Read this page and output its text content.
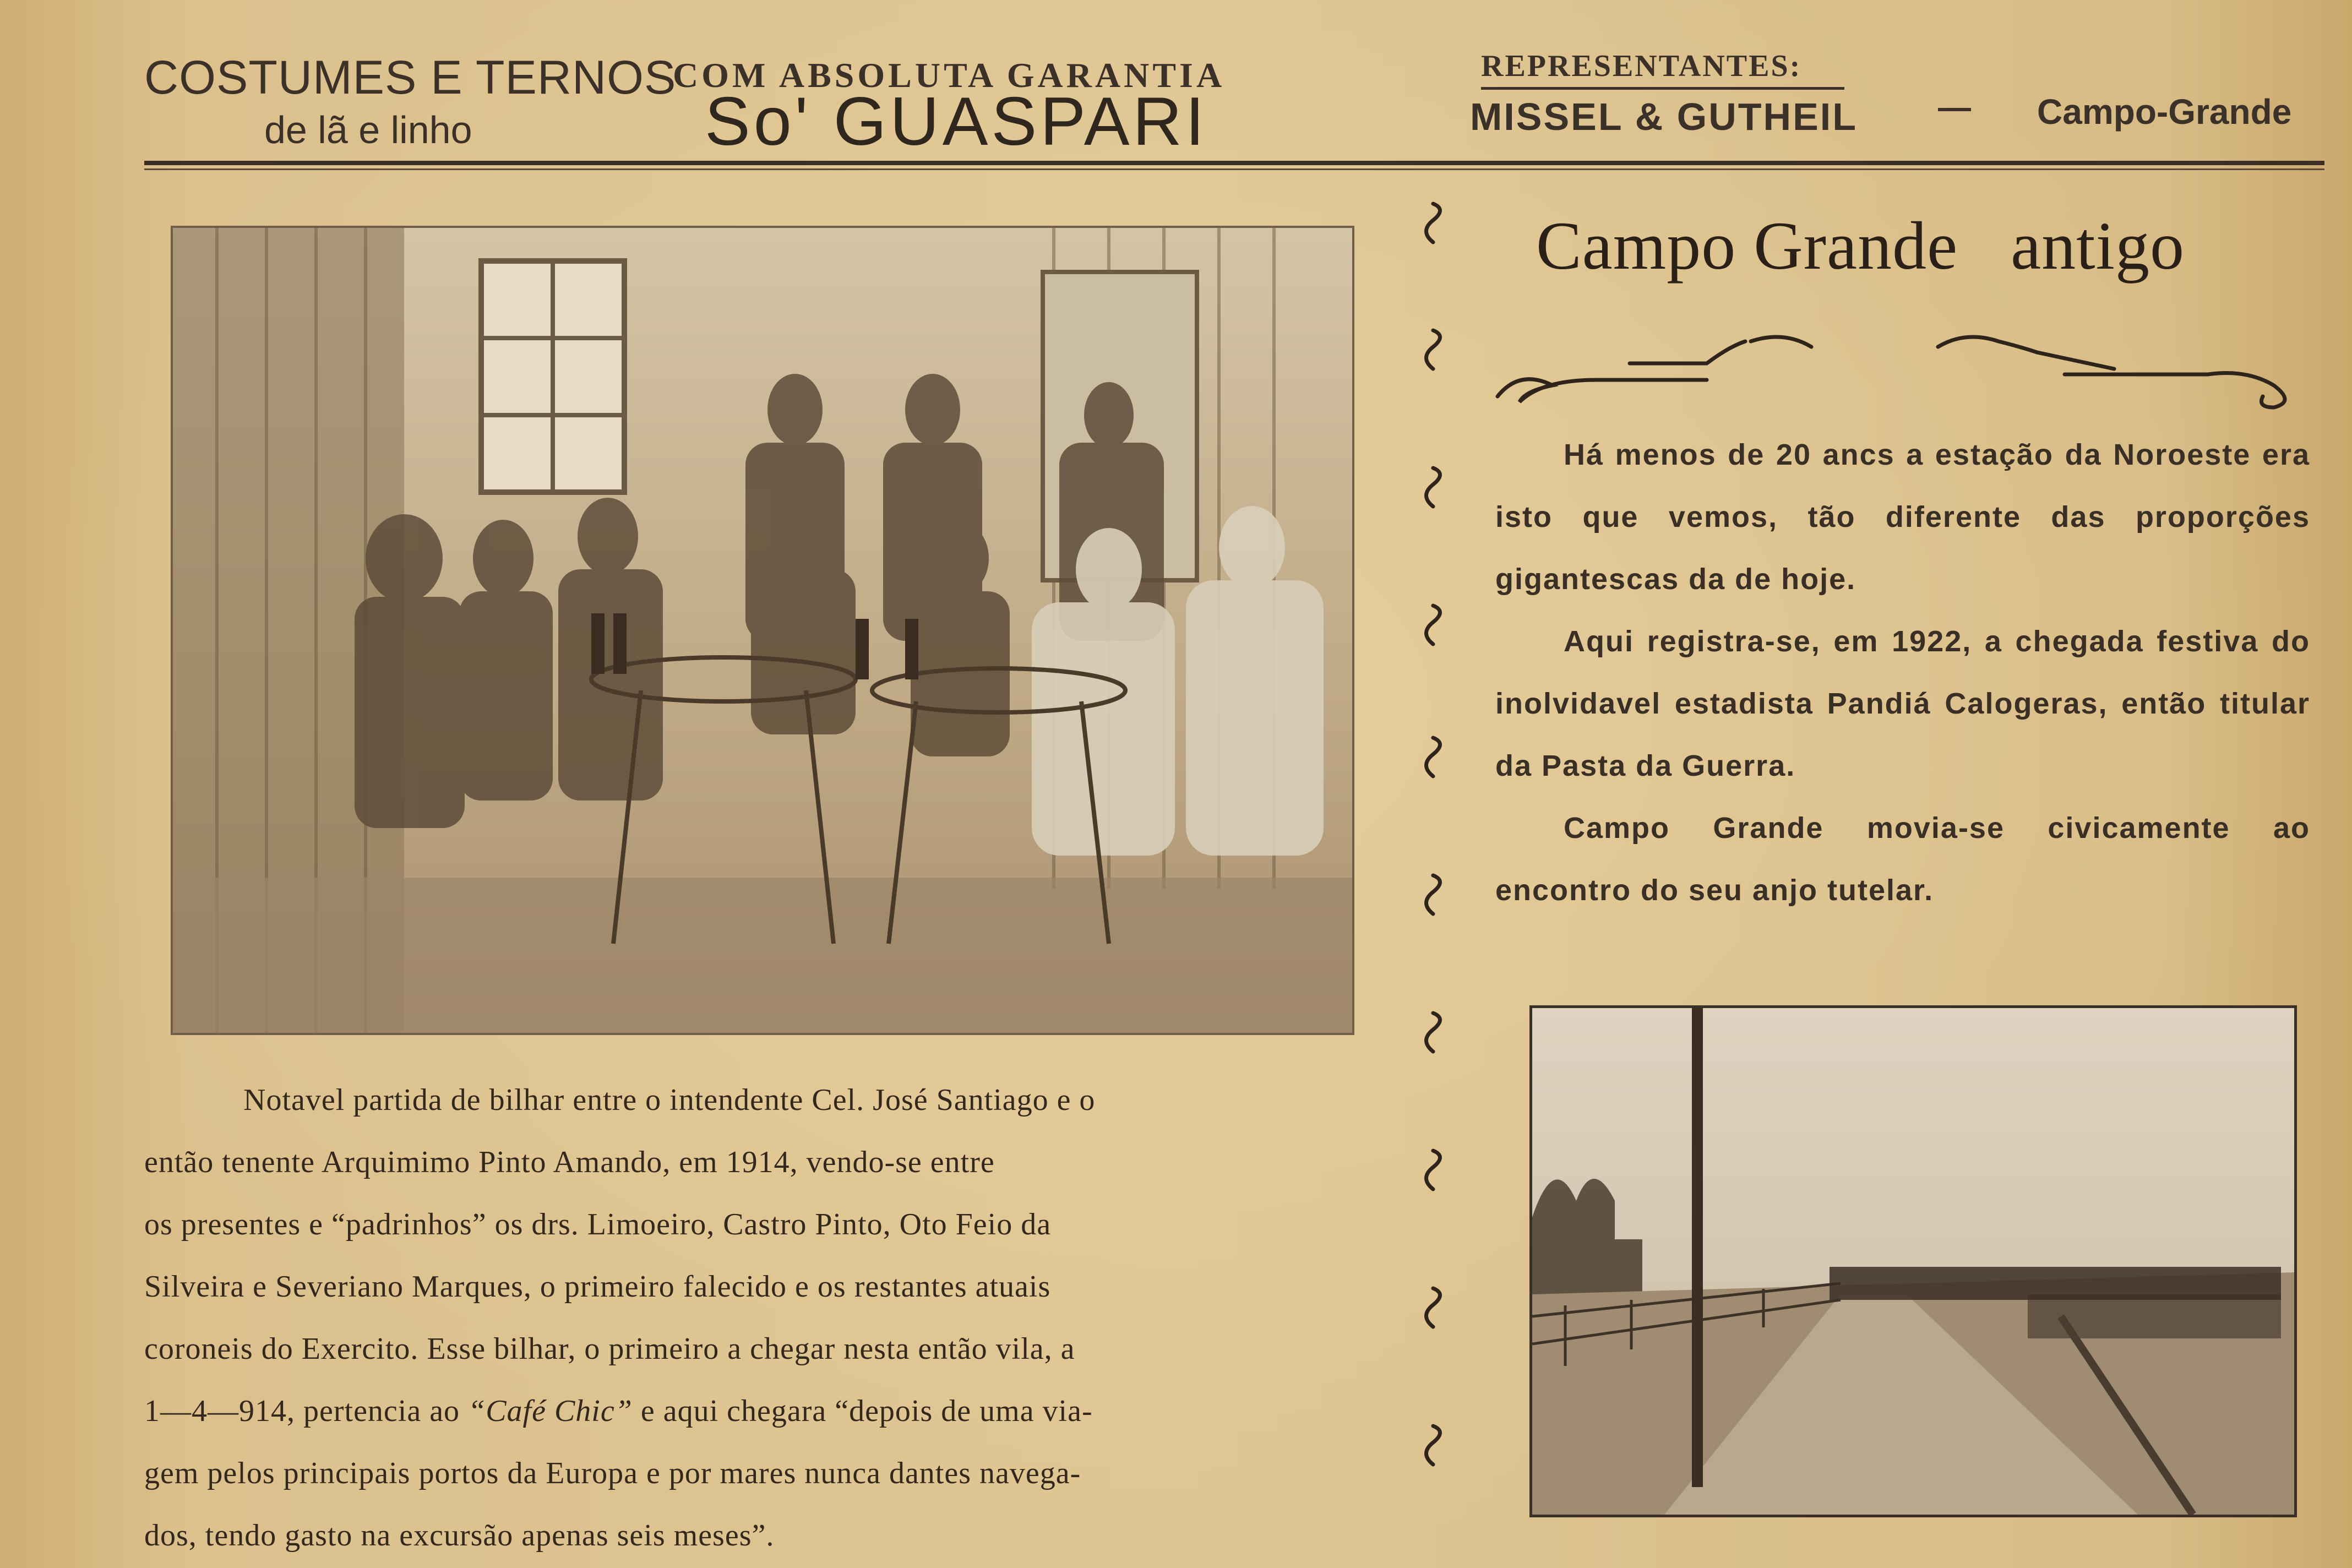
COSTUMES E TERNOS
de lã e linho
COM ABSOLUTA GARANTIA
So' GUASPARI
REPRESENTANTES:
MISSEL & GUTHEIL	Campo-Grande
—
Notavel partida de bilhar entre o intendente Cel. José Santiago e o
então tenente Arquimimo Pinto Amando, em 1914, vendo-se entre
os presentes e “padrinhos” os drs. Limoeiro, Castro Pinto, Oto Feio da
Silveira e Severiano Marques, o primeiro falecido e os restantes atuais
coroneis do Exercito. Esse bilhar, o primeiro a chegar nesta então vila, a
1—4—914, pertencia ao “Café Chic” e aqui chegara “depois de uma via-
gem pelos principais portos da Europa e por mares nunca dantes navega-
dos, tendo gasto na excursão apenas seis meses”.
Campo Grande   antigo

Há menos de 20 ancs a estação da Noroeste era isto que vemos, tão diferente das proporções gigantescas da de hoje.

Aqui registra-se, em 1922, a chegada festiva do inolvidavel estadista Pandiá Calogeras, então titular da Pasta da Guerra.

Campo Grande movia-se civicamente ao encontro do seu anjo tutelar.
